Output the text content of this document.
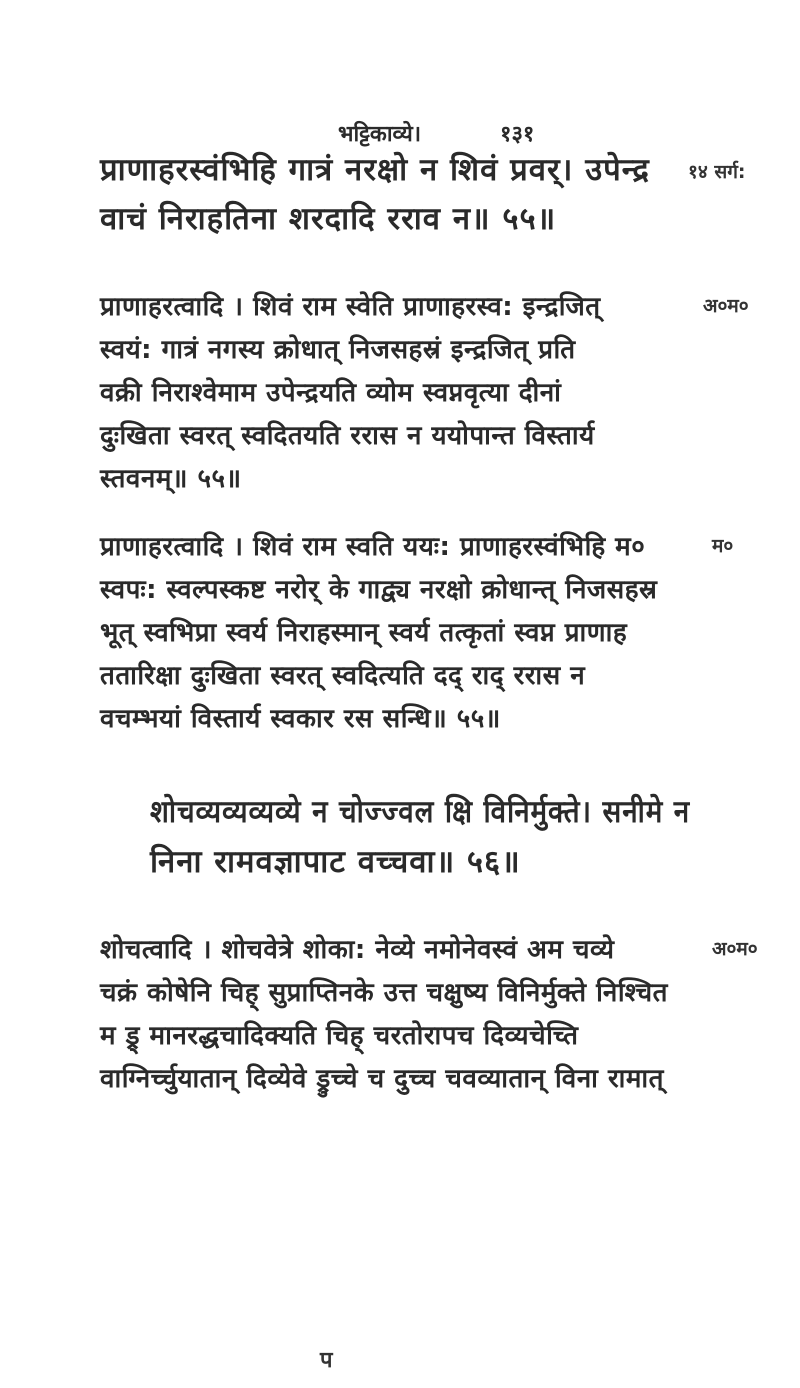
भट्टिकाव्ये।	१३१
प्राणाहरस्वंभिहि गात्रं नरक्षो न शिवं प्रवर्। उपेन्द्र
वाचं निराहतिना शरदादि रराव न॥ ५५॥
१४ सर्ग:
प्राणाहरत्वादि । शिवं राम स्वेति प्राणाहरस्व: इन्द्रजित्
स्वयं: गात्रं नगस्य क्रोधात् निजसहस्रं इन्द्रजित् प्रति
वक्री निराश्वेमाम उपेन्द्रयति व्योम स्वप्नवृत्या दीनां
दुःखिता स्वरत् स्वदितयति ररास न ययोपान्त विस्तार्य
स्तवनम्॥ ५५॥
अ०म०
प्राणाहरत्वादि । शिवं राम स्वति ययः: प्राणाहरस्वंभिहि म०
स्वपः: स्वल्पस्कष्ट नरोर् के गाद्व्य नरक्षो क्रोधान्त् निजसहस्र
भूत् स्वभिप्रा स्वर्य निराहस्मान् स्वर्य तत्कृतां स्वप्न प्राणाह
ततारिक्षा दुःखिता स्वरत् स्वदित्यति दद् राद् ररास न
वचम्भयां विस्तार्य स्वकार रस सन्धि॥ ५५॥
म०
शोचव्यव्यव्यव्ये न चोज्ज्वल क्षि विनिर्मुक्ते। सनीमे न
निना रामवज्ञापाट वच्चवा॥ ५६॥
शोचत्वादि । शोचवेत्रे शोका: नेव्ये नमोनेवस्वं अम चव्ये
चक्रं कोषेनि चिह् सुप्राप्तिनके उत्त चक्षुष्य विनिर्मुक्ते निश्चित
म ड्र् मानरद्धचादिक्यति चिह् चरतोरापच दिव्यचेच्ति
वाग्निर्च्चुयातान् दिव्येवे ड्रुच्चे च दुच्च चवव्यातान् विना रामात्
अ०म०
प
